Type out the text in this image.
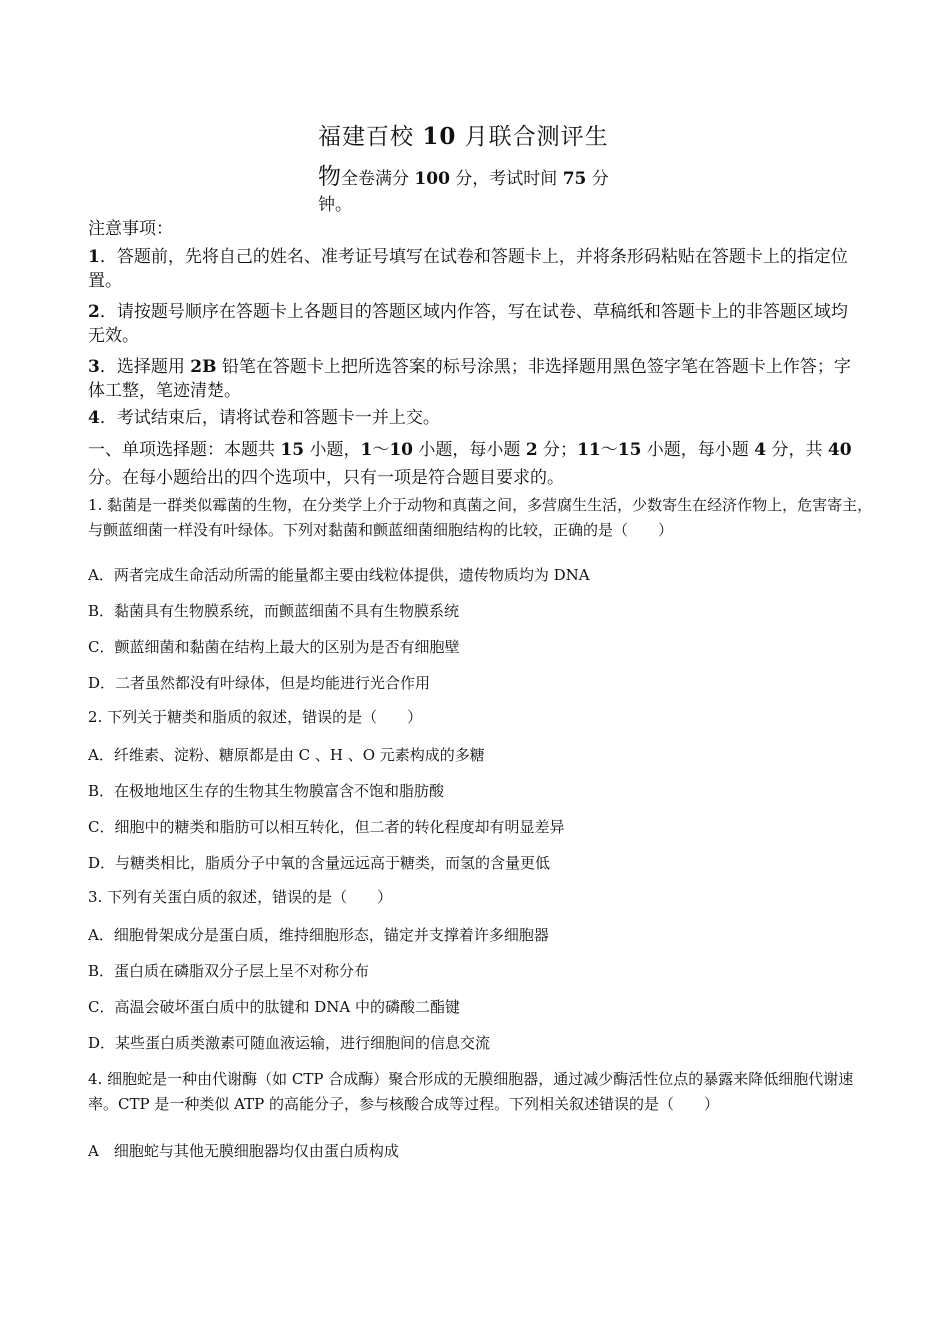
福建百校 10 月联合测评生
物全卷满分 100 分，考试时间 75 分
钟。
注意事项：
1．答题前，先将自己的姓名、准考证号填写在试卷和答题卡上，并将条形码粘贴在答题卡上的指定位置。
2．请按题号顺序在答题卡上各题目的答题区域内作答，写在试卷、草稿纸和答题卡上的非答题区域均无效。
3．选择题用 2B 铅笔在答题卡上把所选答案的标号涂黑；非选择题用黑色签字笔在答题卡上作答；字体工整，笔迹清楚。
4．考试结束后，请将试卷和答题卡一并上交。
一、单项选择题：本题共 15 小题，1～10 小题，每小题 2 分；11～15 小题，每小题 4 分，共 40 分。在每小题给出的四个选项中，只有一项是符合题目要求的。
1. 黏菌是一群类似霉菌的生物，在分类学上介于动物和真菌之间，多营腐生生活，少数寄生在经济作物上，危害寄主，与颤蓝细菌一样没有叶绿体。下列对黏菌和颤蓝细菌细胞结构的比较，正确的是（　　）
A．两者完成生命活动所需的能量都主要由线粒体提供，遗传物质均为 DNA
B．黏菌具有生物膜系统，而颤蓝细菌不具有生物膜系统
C．颤蓝细菌和黏菌在结构上最大的区别为是否有细胞壁
D．二者虽然都没有叶绿体，但是均能进行光合作用
2. 下列关于糖类和脂质的叙述，错误的是（　　）
A．纤维素、淀粉、糖原都是由 C 、H 、O 元素构成的多糖
B．在极地地区生存的生物其生物膜富含不饱和脂肪酸
C．细胞中的糖类和脂肪可以相互转化，但二者的转化程度却有明显差异
D．与糖类相比，脂质分子中氧的含量远远高于糖类，而氢的含量更低
3. 下列有关蛋白质的叙述，错误的是（　　）
A．细胞骨架成分是蛋白质，维持细胞形态，锚定并支撑着许多细胞器
B．蛋白质在磷脂双分子层上呈不对称分布
C．高温会破坏蛋白质中的肽键和 DNA 中的磷酸二酯键
D．某些蛋白质类激素可随血液运输，进行细胞间的信息交流
4. 细胞蛇是一种由代谢酶（如 CTP 合成酶）聚合形成的无膜细胞器，通过减少酶活性位点的暴露来降低细胞代谢速率。CTP 是一种类似 ATP 的高能分子，参与核酸合成等过程。下列相关叙述错误的是（　　）
A　细胞蛇与其他无膜细胞器均仅由蛋白质构成
